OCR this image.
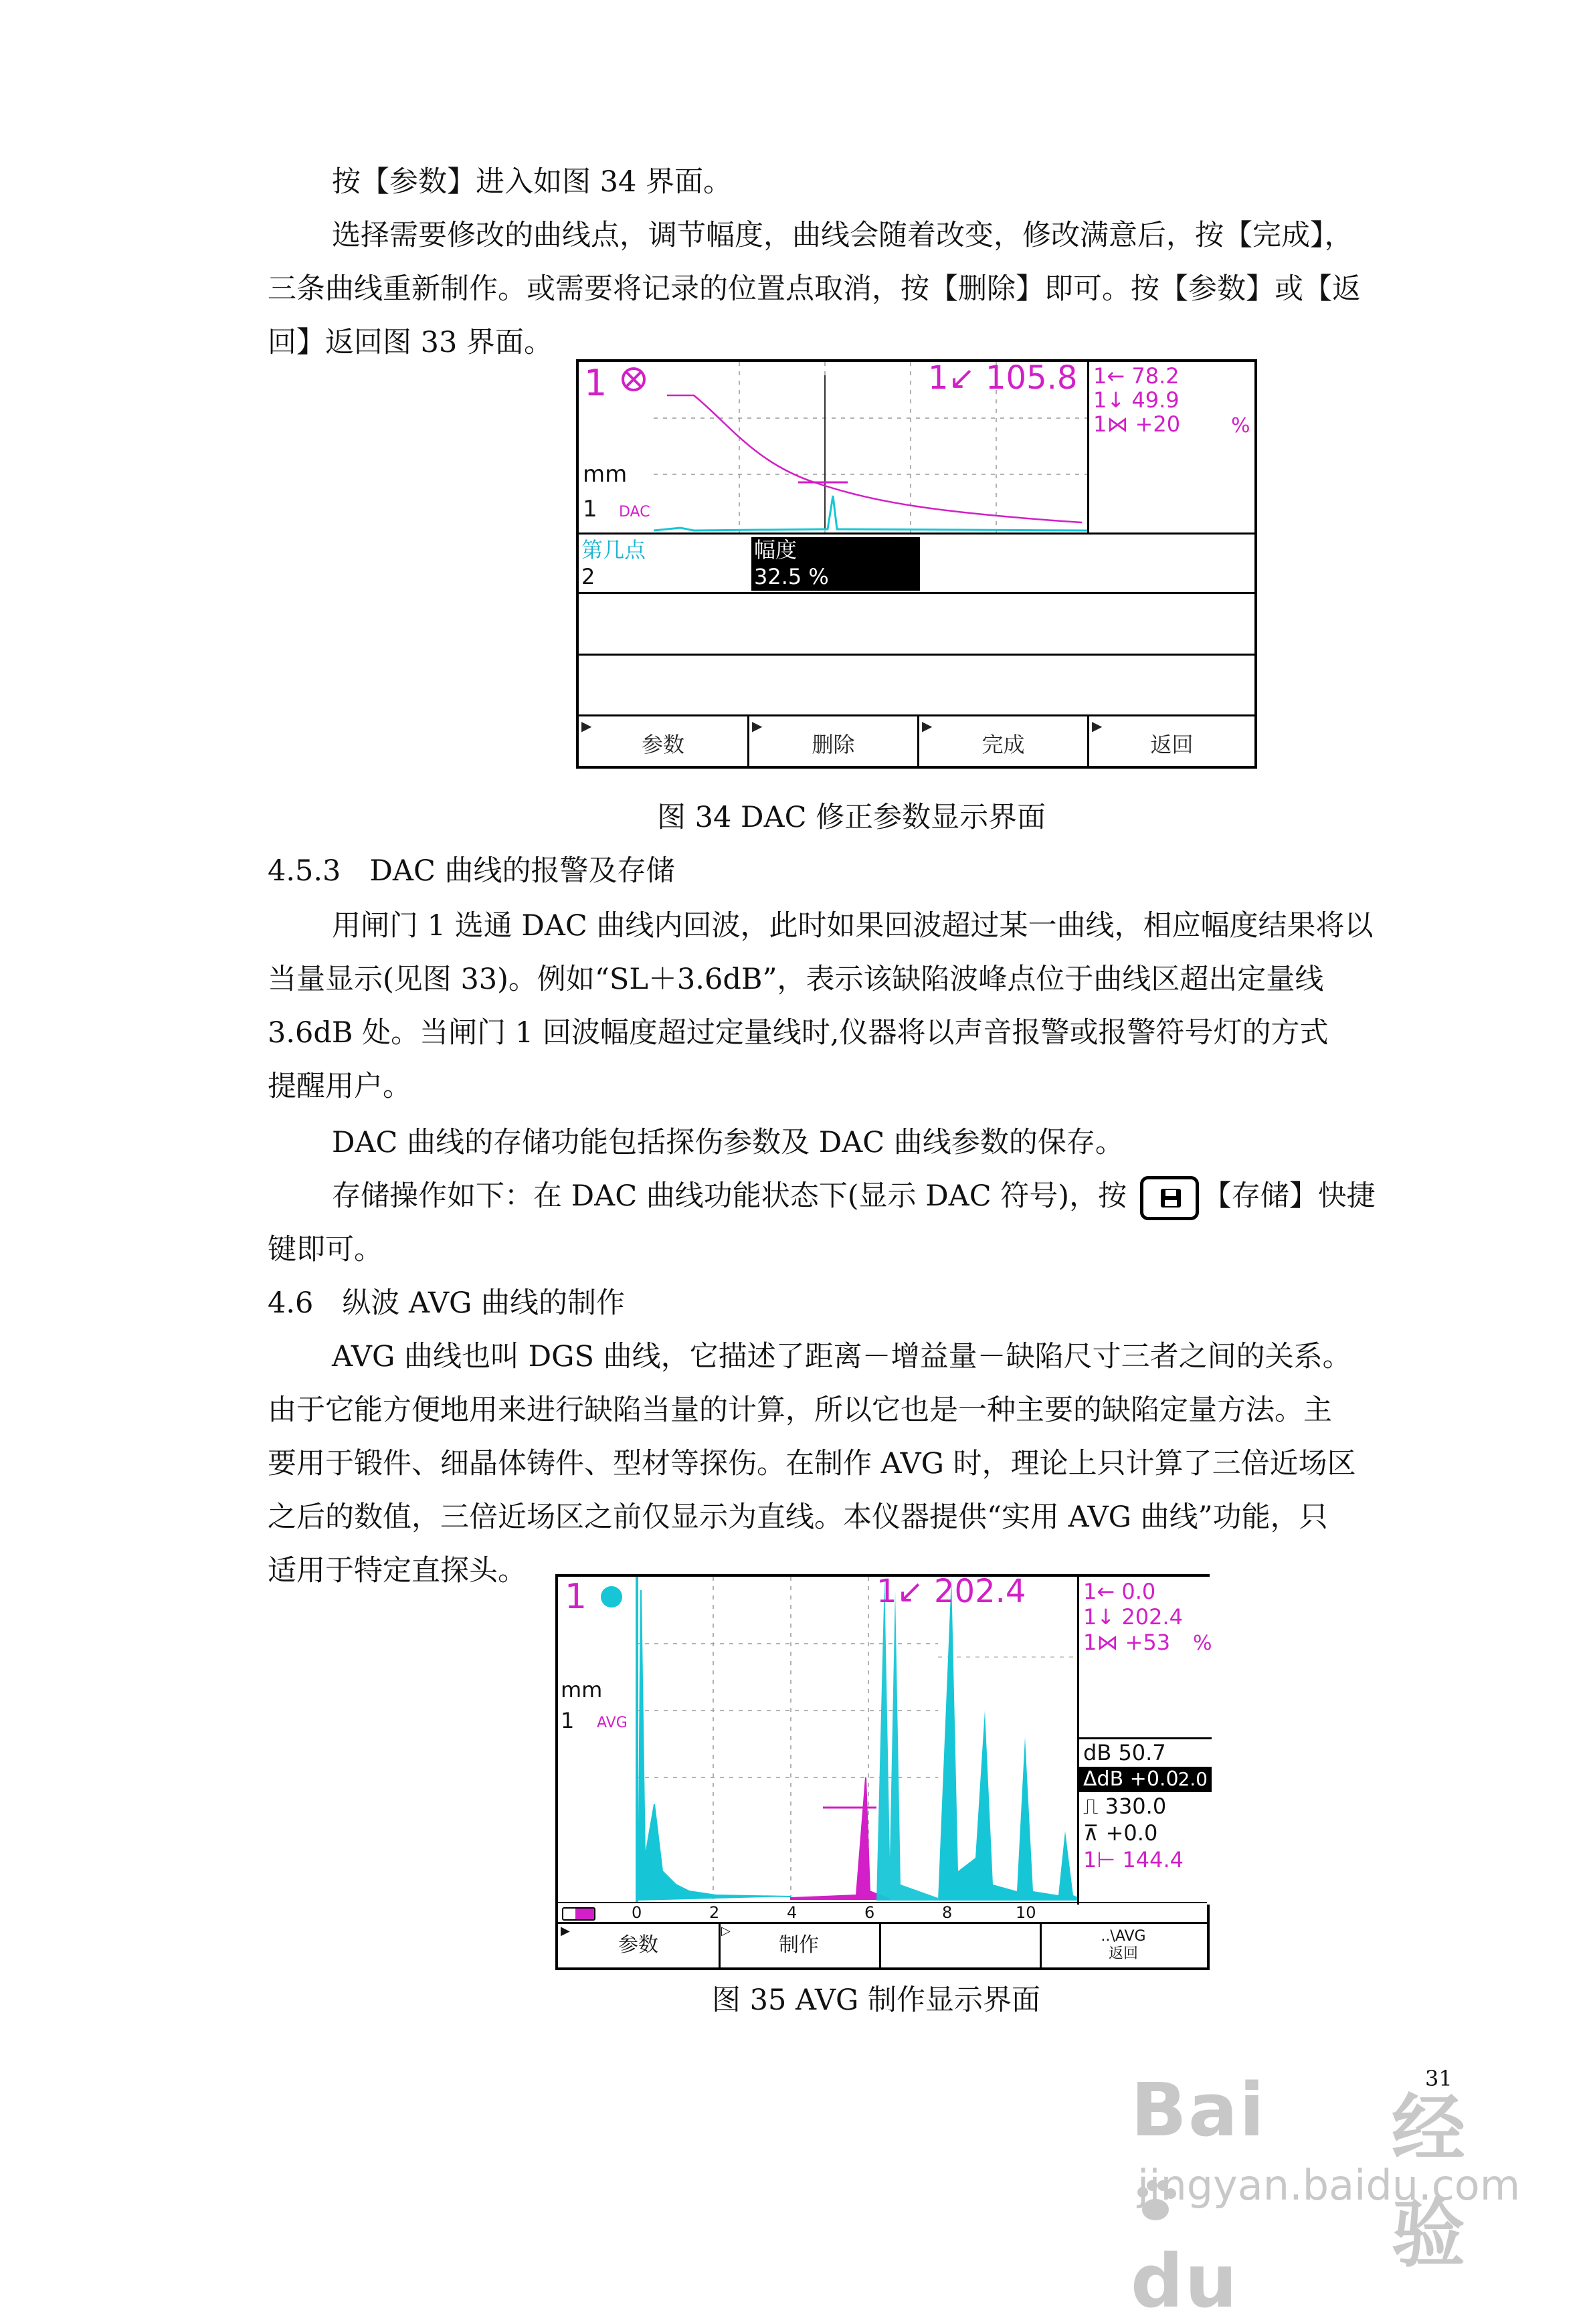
按【参数】进入如图 34 界面。

选择需要修改的曲线点，调节幅度，曲线会随着改变，修改满意后，按【完成】，

三条曲线重新制作。或需要将记录的位置点取消，按【删除】即可。按【参数】或【返

回】返回图 33 界面。

1
mm
1 DAC
1↙ 105.8 1← 78.2
1↓ 49.9
1⋈ +20	%
第几点
2
幅度
32.5 %
▶
参数
▶
删除
▶
完成
▶
返回
图 34 DAC 修正参数显示界面

4.5.3　DAC 曲线的报警及存储

用闸门 1 选通 DAC 曲线内回波，此时如果回波超过某一曲线，相应幅度结果将以

当量显示(见图 33)。例如“SL＋3.6dB”，表示该缺陷波峰点位于曲线区超出定量线

3.6dB 处。当闸门 1 回波幅度超过定量线时,仪器将以声音报警或报警符号灯的方式

提醒用户。

DAC 曲线的存储功能包括探伤参数及 DAC 曲线参数的保存。

存储操作如下：在 DAC 曲线功能状态下(显示 DAC 符号)，按	【存储】快捷

键即可。

4.6　纵波 AVG 曲线的制作

AVG 曲线也叫 DGS 曲线，它描述了距离－增益量－缺陷尺寸三者之间的关系。

由于它能方便地用来进行缺陷当量的计算，所以它也是一种主要的缺陷定量方法。主

要用于锻件、细晶体铸件、型材等探伤。在制作 AVG 时，理论上只计算了三倍近场区

之后的数值，三倍近场区之前仅显示为直线。本仪器提供“实用 AVG 曲线”功能，只

适用于特定直探头。

1
mm
1 AVG
1↙ 202.4	1← 0.0
1↓ 202.4
1⋈ +53 %
dB 50.7
ΔdB +0.0
2.0
⎍ 330.0
⊼ +0.0
1⊢ 144.4
0	2	4	6	8	10
▶
参数
▷
制作	..\AVG
返回
图 35 AVG 制作显示界面
31
Baidu
经验
jingyan.baidu.com
